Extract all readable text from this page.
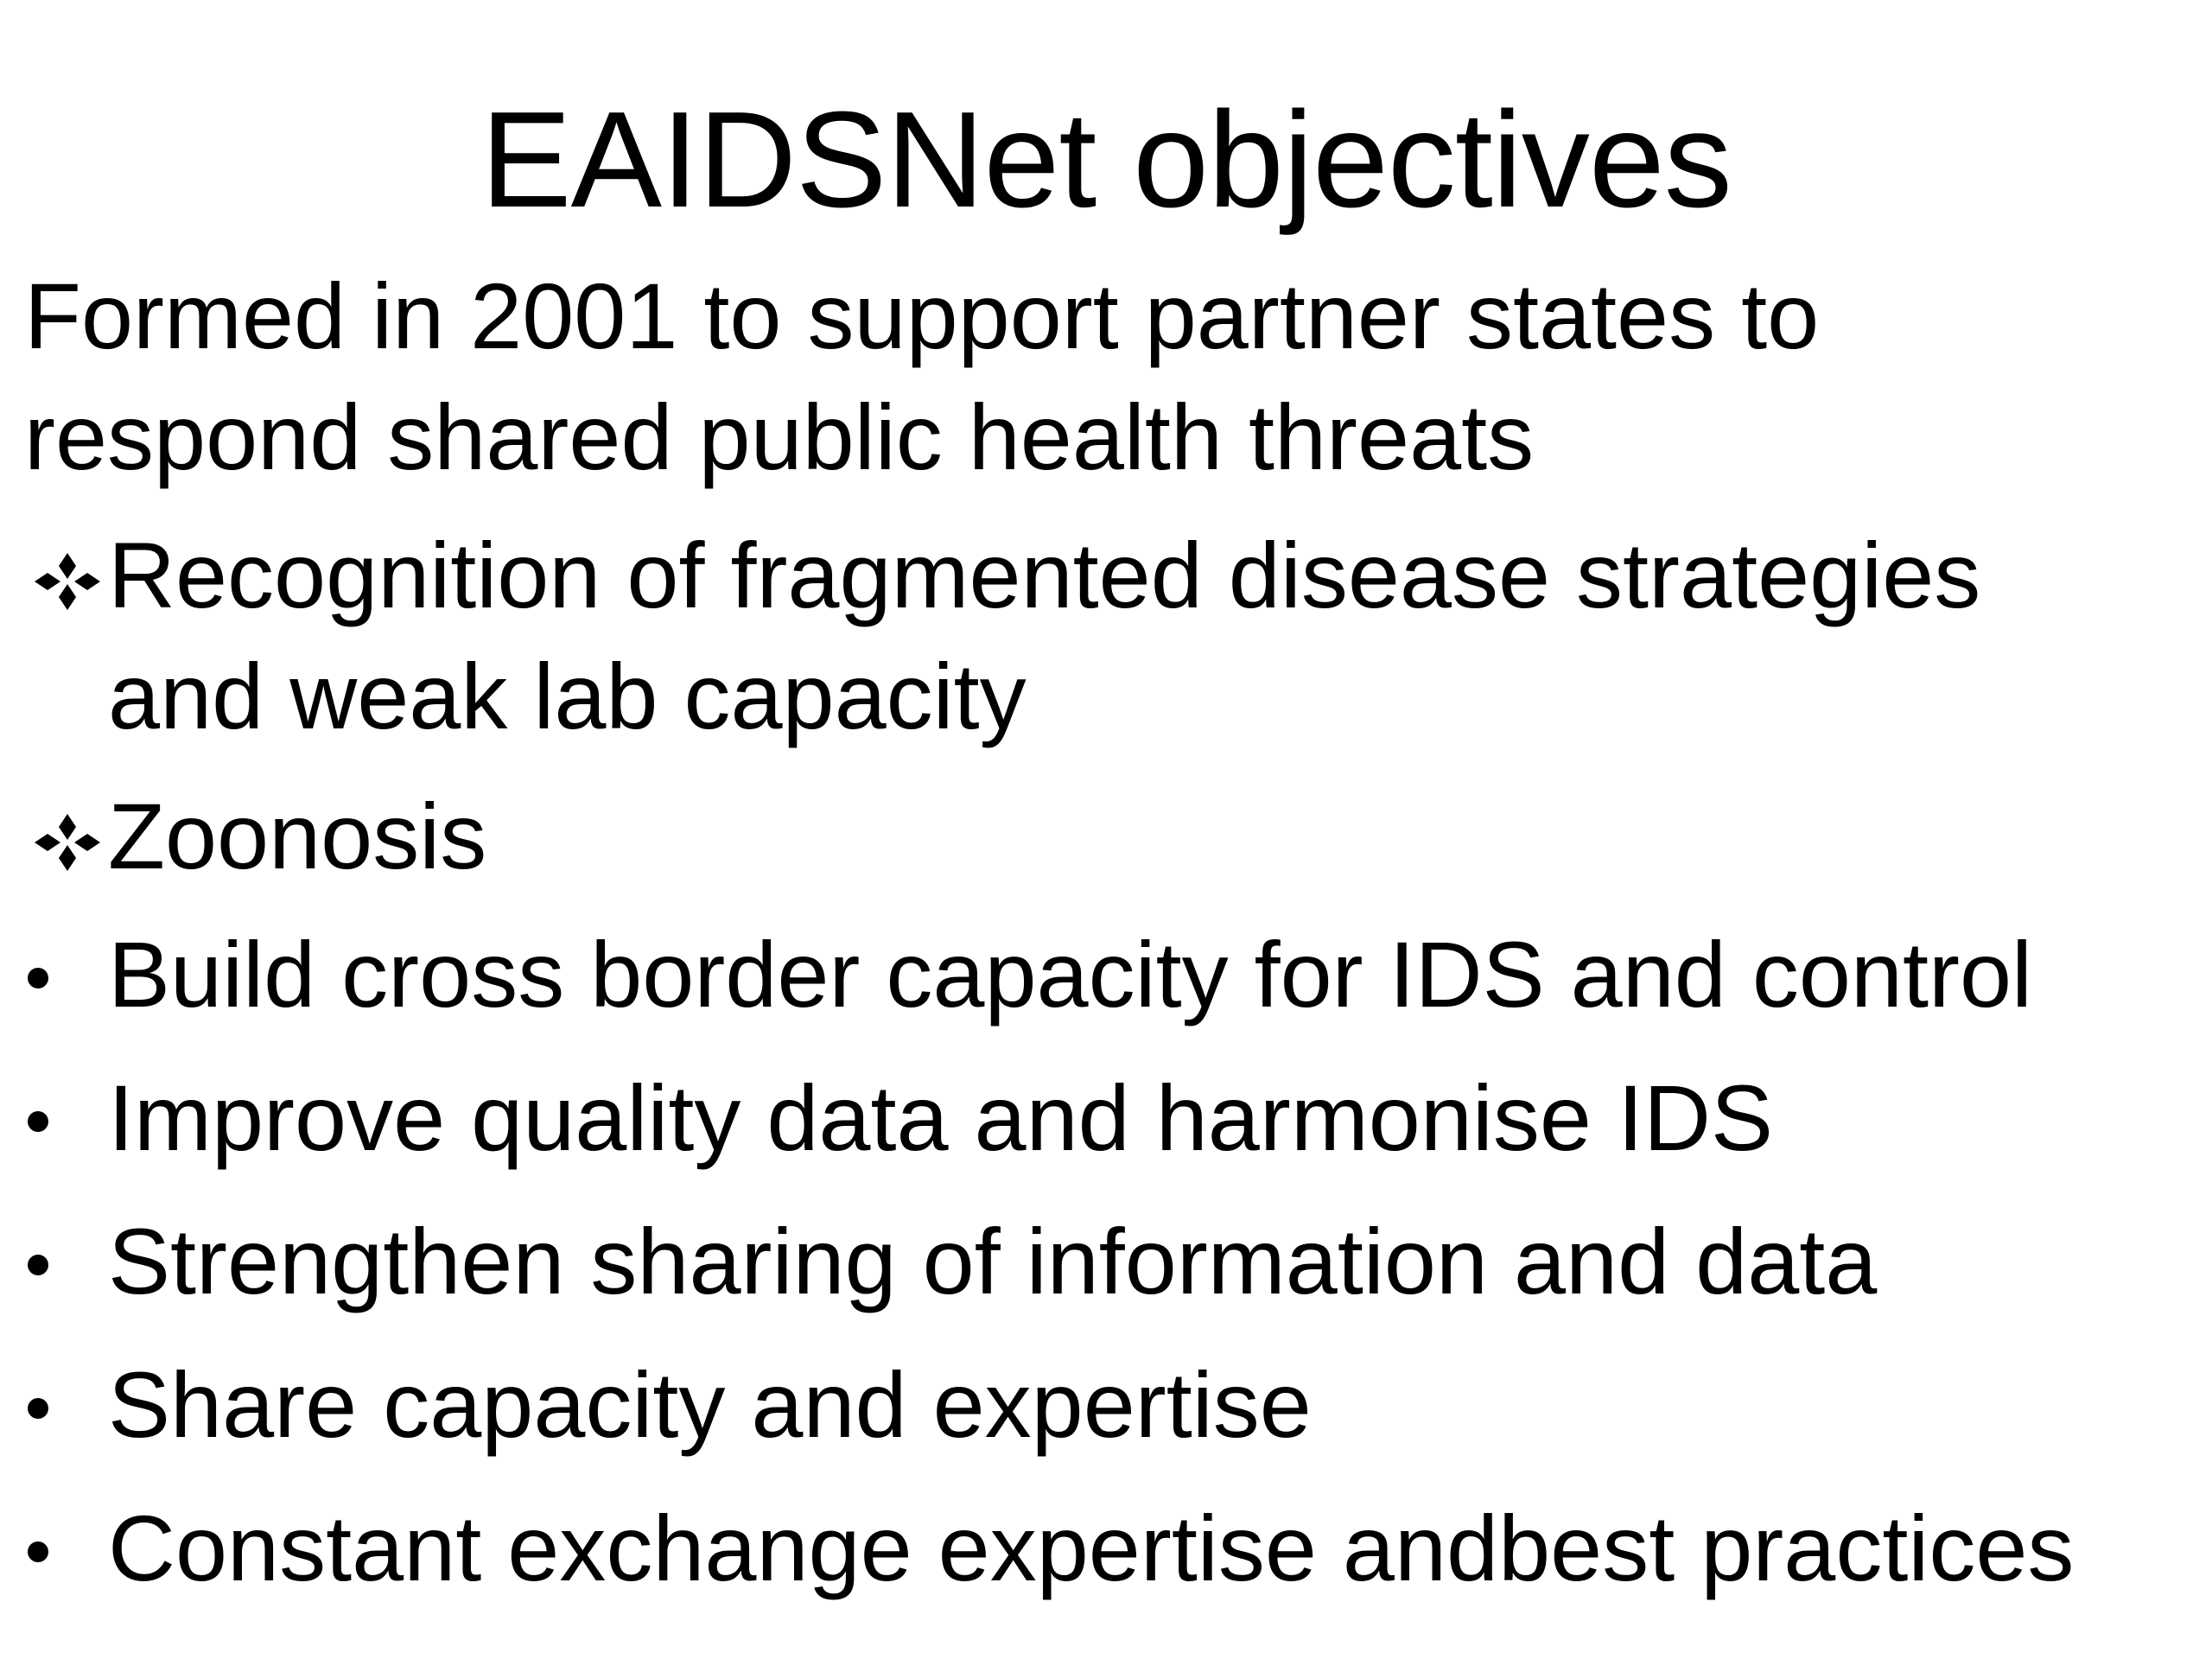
EAIDSNet objectives
Formed in 2001 to support partner states to
respond shared public health threats
Recognition of fragmented disease strategies
and weak lab capacity
Zoonosis
Build cross border capacity for IDS and control
Improve quality data and harmonise IDS
Strengthen sharing of information and data
Share capacity and expertise
Constant exchange expertise andbest practices
